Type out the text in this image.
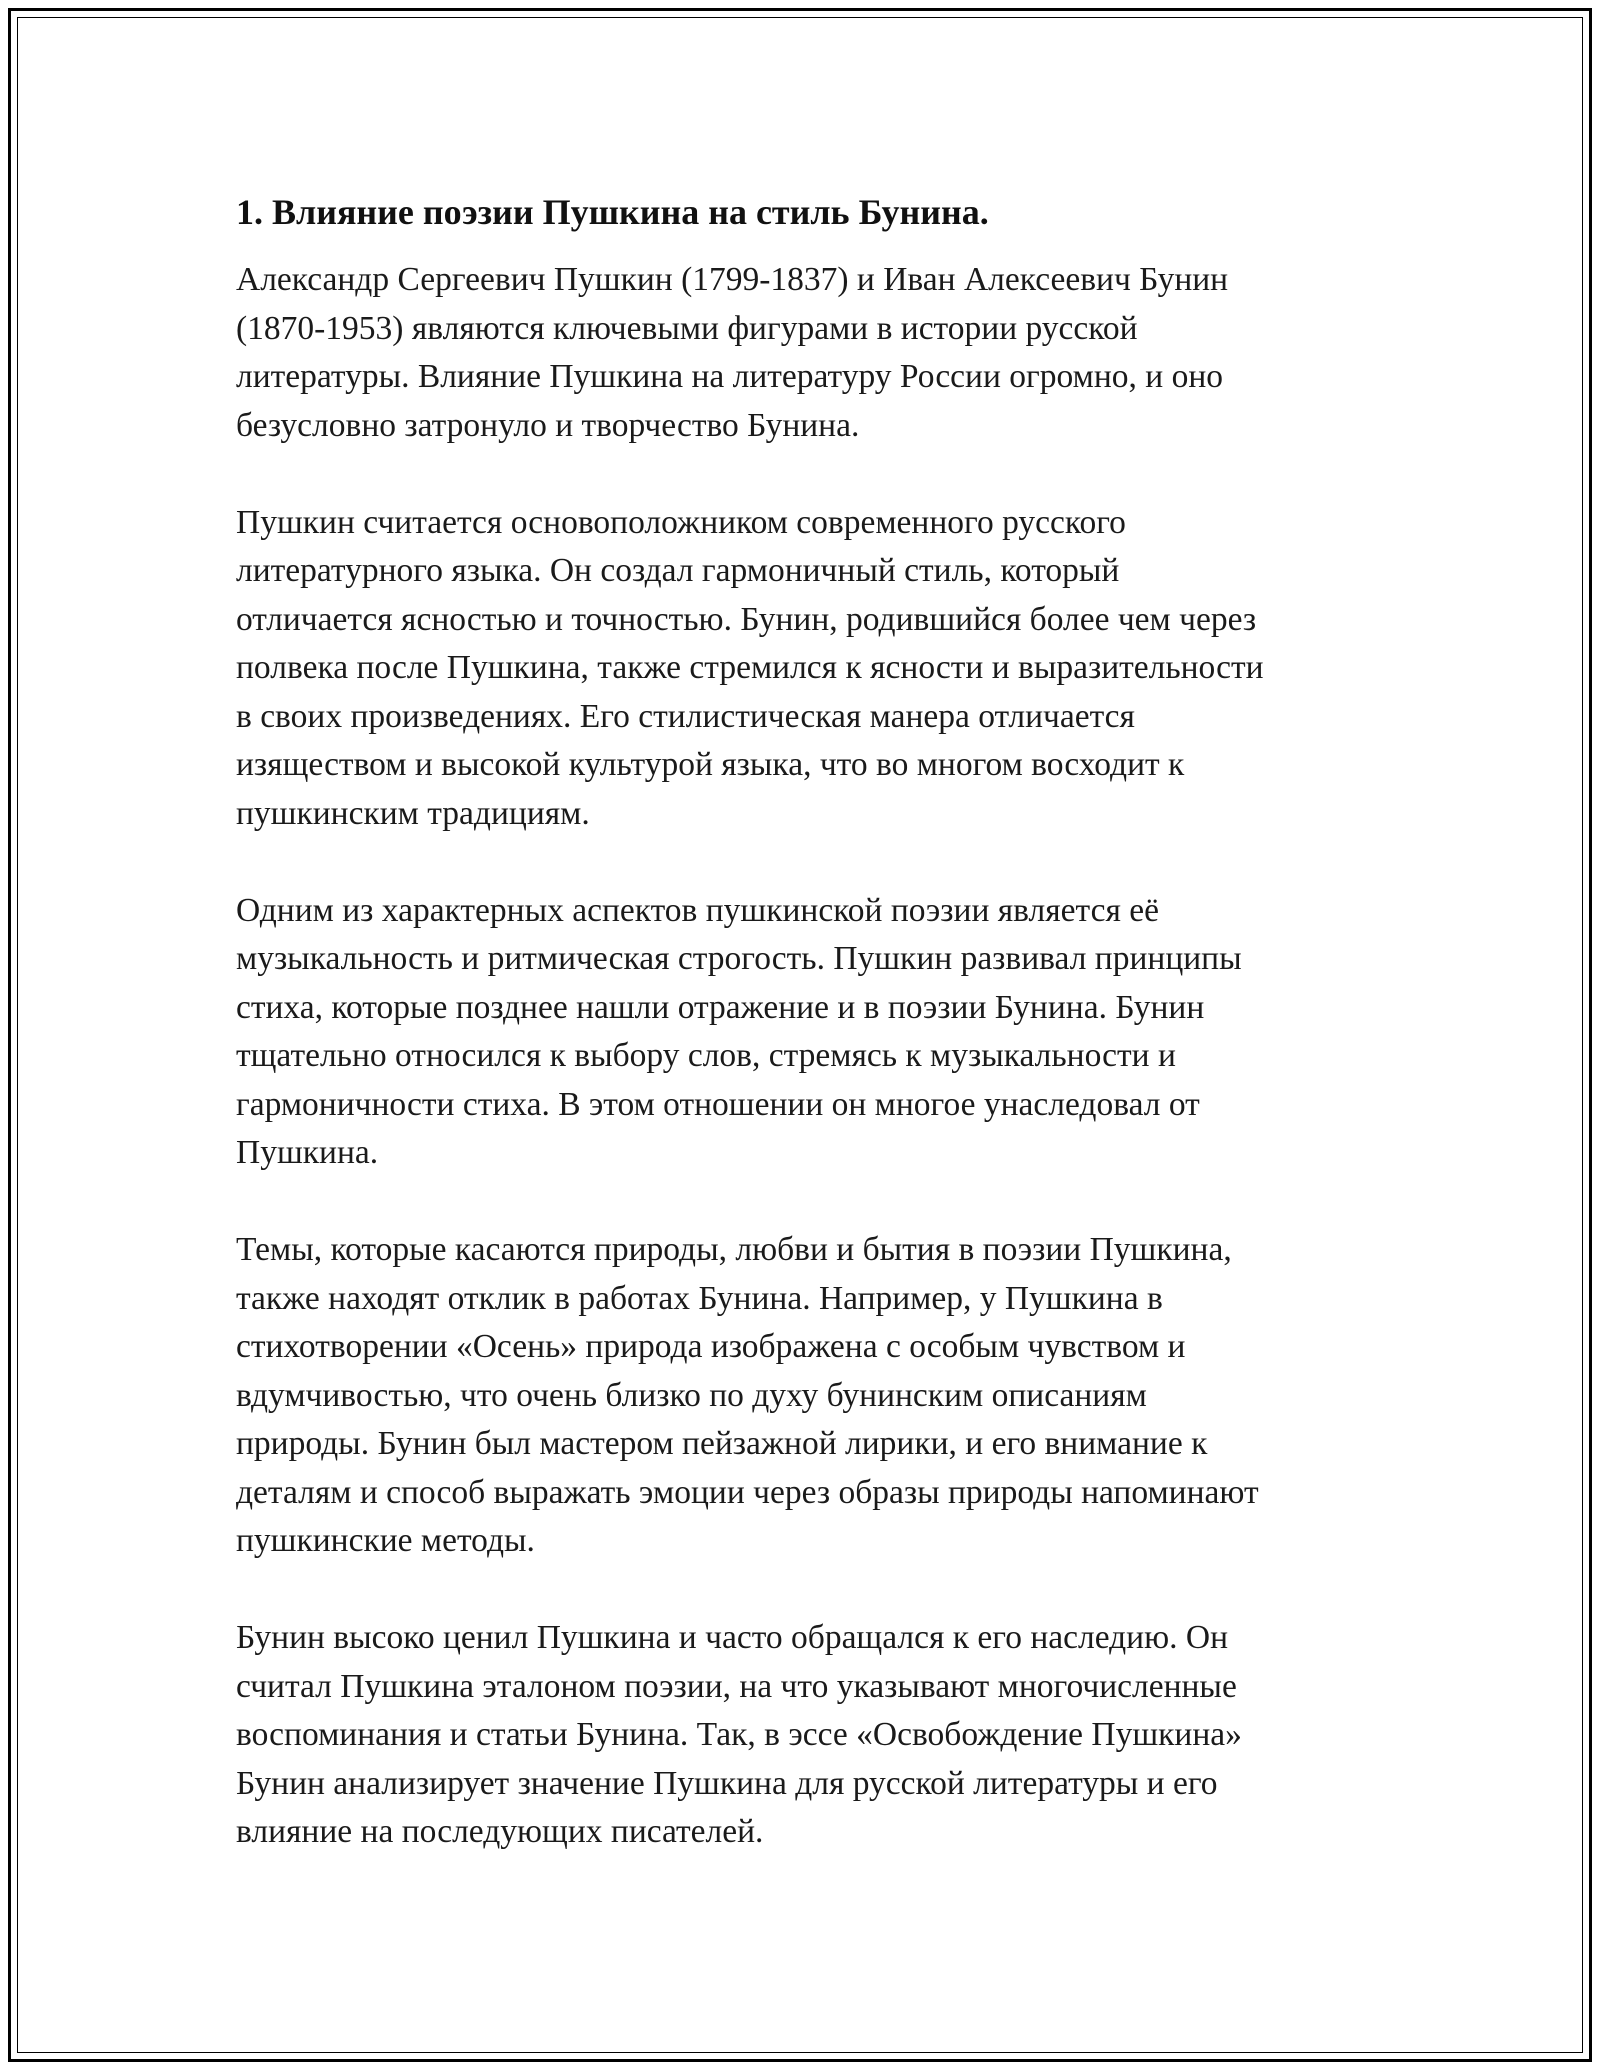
1. Влияние поэзии Пушкина на стиль Бунина.
Александр Сергеевич Пушкин (1799-1837) и Иван Алексеевич Бунин
(1870-1953) являются ключевыми фигурами в истории русской
литературы. Влияние Пушкина на литературу России огромно, и оно
безусловно затронуло и творчество Бунина.
Пушкин считается основоположником современного русского
литературного языка. Он создал гармоничный стиль, который
отличается ясностью и точностью. Бунин, родившийся более чем через
полвека после Пушкина, также стремился к ясности и выразительности
в своих произведениях. Его стилистическая манера отличается
изяществом и высокой культурой языка, что во многом восходит к
пушкинским традициям.
Одним из характерных аспектов пушкинской поэзии является её
музыкальность и ритмическая строгость. Пушкин развивал принципы
стиха, которые позднее нашли отражение и в поэзии Бунина. Бунин
тщательно относился к выбору слов, стремясь к музыкальности и
гармоничности стиха. В этом отношении он многое унаследовал от
Пушкина.
Темы, которые касаются природы, любви и бытия в поэзии Пушкина,
также находят отклик в работах Бунина. Например, у Пушкина в
стихотворении «Осень» природа изображена с особым чувством и
вдумчивостью, что очень близко по духу бунинским описаниям
природы. Бунин был мастером пейзажной лирики, и его внимание к
деталям и способ выражать эмоции через образы природы напоминают
пушкинские методы.
Бунин высоко ценил Пушкина и часто обращался к его наследию. Он
считал Пушкина эталоном поэзии, на что указывают многочисленные
воспоминания и статьи Бунина. Так, в эссе «Освобождение Пушкина»
Бунин анализирует значение Пушкина для русской литературы и его
влияние на последующих писателей.
